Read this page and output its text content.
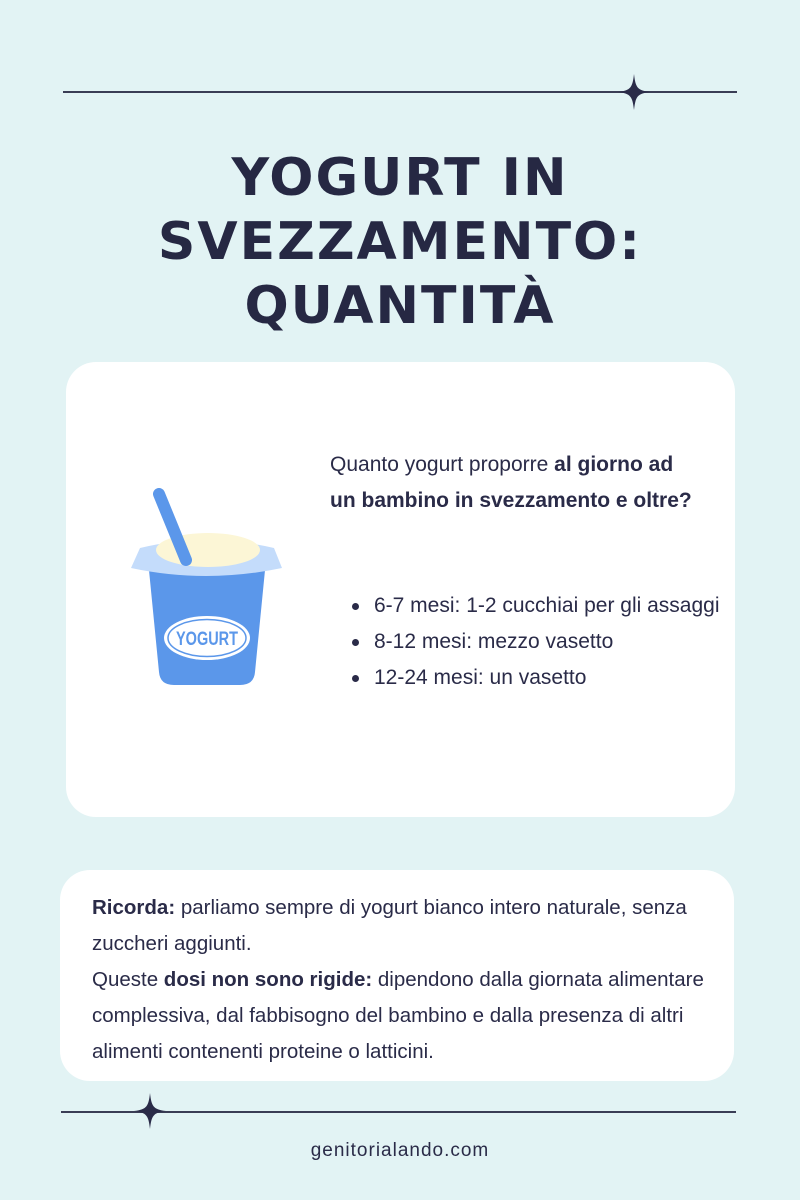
YOGURT IN
SVEZZAMENTO:
QUANTITÀ
YOGURT

Quanto yogurt proporre al giorno ad un bambino in svezzamento e oltre?

6-7 mesi: 1-2 cucchiai per gli assaggi
8-12 mesi: mezzo vasetto
12-24 mesi: un vasetto

Ricorda: parliamo sempre di yogurt bianco intero naturale, senza zuccheri aggiunti.
Queste dosi non sono rigide: dipendono dalla giornata alimentare complessiva, dal fabbisogno del bambino e dalla presenza di altri alimenti contenenti proteine o latticini.

genitorialando.com
